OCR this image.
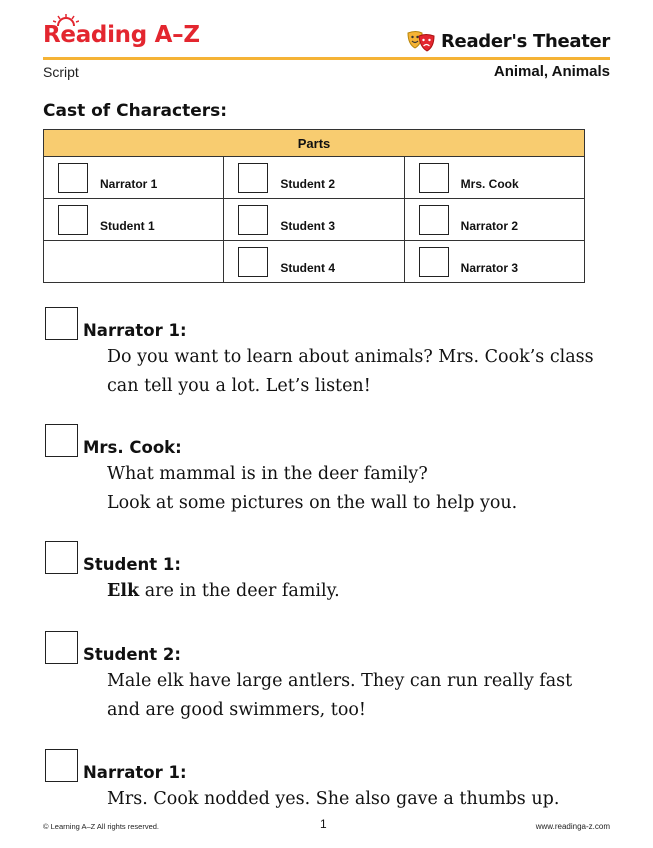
Reading A–Z	Reader's Theater
Script	Animal, Animals
Cast of Characters:
Parts		

Narrator 1	Student 2	Mrs. Cook

Student 1	Student 3	Narrator 2

	Student 4	Narrator 3
Narrator 1:

Do you want to learn about animals? Mrs. Cook’s class

can tell you a lot. Let’s listen!

Mrs. Cook:

What mammal is in the deer family?

Look at some pictures on the wall to help you.

Student 1:

Elk are in the deer family.

Student 2:

Male elk have large antlers. They can run really fast

and are good swimmers, too!

Narrator 1:

Mrs. Cook nodded yes. She also gave a thumbs up.

© Learning A–Z All rights reserved.	1	www.readinga-z.com
